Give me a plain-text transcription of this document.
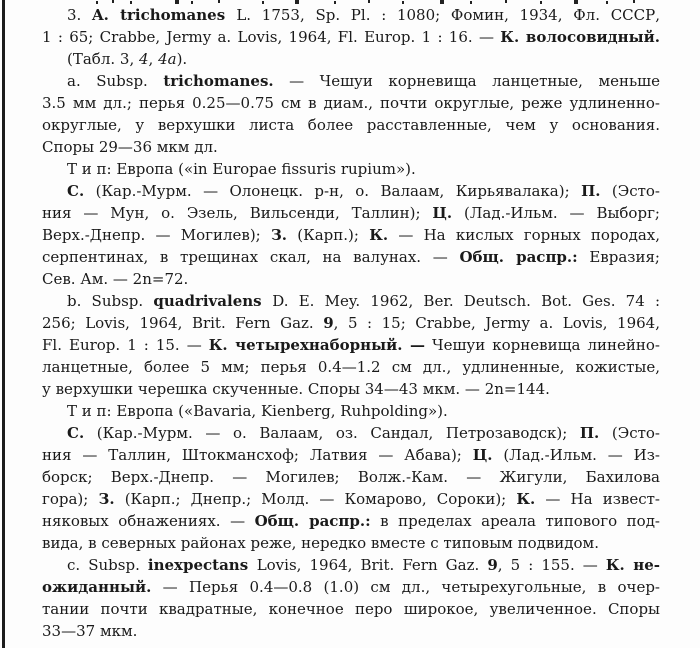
3. A. trichomanes L. 1753, Sp. Pl. : 1080; Фомин, 1934, Фл. СССР,
1 : 65; Crabbe, Jermy a. Lovis, 1964, Fl. Europ. 1 : 16. — К. волосовидный.
(Табл. 3, 4, 4a).
a. Subsp. trichomanes. — Чешуи корневища ланцетные, меньше
3.5 мм дл.; перья 0.25—0.75 см в диам., почти округлые, реже удлиненно-
округлые, у верхушки листа более расставленные, чем у основания.
Споры 29—36 мкм дл.
Т и п: Европа («in Europae fissuris rupium»).
С. (Кар.-Мурм. — Олонецк. р-н, о. Валаам, Кирьявалака); П. (Эсто-
ния — Мун, о. Эзель, Вильсенди, Таллин); Ц. (Лад.-Ильм. — Выборг;
Верх.-Днепр. — Могилев); З. (Карп.); К. — На кислых горных породах,
серпентинах, в трещинах скал, на валунах. — Общ. распр.: Евразия;
Сев. Ам. — 2n=72.
b. Subsp. quadrivalens D. E. Mey. 1962, Ber. Deutsch. Bot. Ges. 74 :
256; Lovis, 1964, Brit. Fern Gaz. 9, 5 : 15; Crabbe, Jermy a. Lovis, 1964,
Fl. Europ. 1 : 15. — К. четырехнаборный. — Чешуи корневища линейно-
ланцетные, более 5 мм; перья 0.4—1.2 см дл., удлиненные, кожистые,
у верхушки черешка скученные. Споры 34—43 мкм. — 2n=144.
Т и п: Европа («Bavaria, Kienberg, Ruhpolding»).
С. (Кар.-Мурм. — о. Валаам, оз. Сандал, Петрозаводск); П. (Эсто-
ния — Таллин, Штокмансхоф; Латвия — Абава); Ц. (Лад.-Ильм. — Из-
борск; Верх.-Днепр. — Могилев; Волж.-Кам. — Жигули, Бахилова
гора); З. (Карп.; Днепр.; Молд. — Комарово, Сороки); К. — На извест-
няковых обнажениях. — Общ. распр.: в пределах ареала типового под-
вида, в северных районах реже, нередко вместе с типовым подвидом.
c. Subsp. inexpectans Lovis, 1964, Brit. Fern Gaz. 9, 5 : 155. — К. не-
ожиданный. — Перья 0.4—0.8 (1.0) см дл., четырехугольные, в очер-
тании почти квадратные, конечное перо широкое, увеличенное. Споры
33—37 мкм.
